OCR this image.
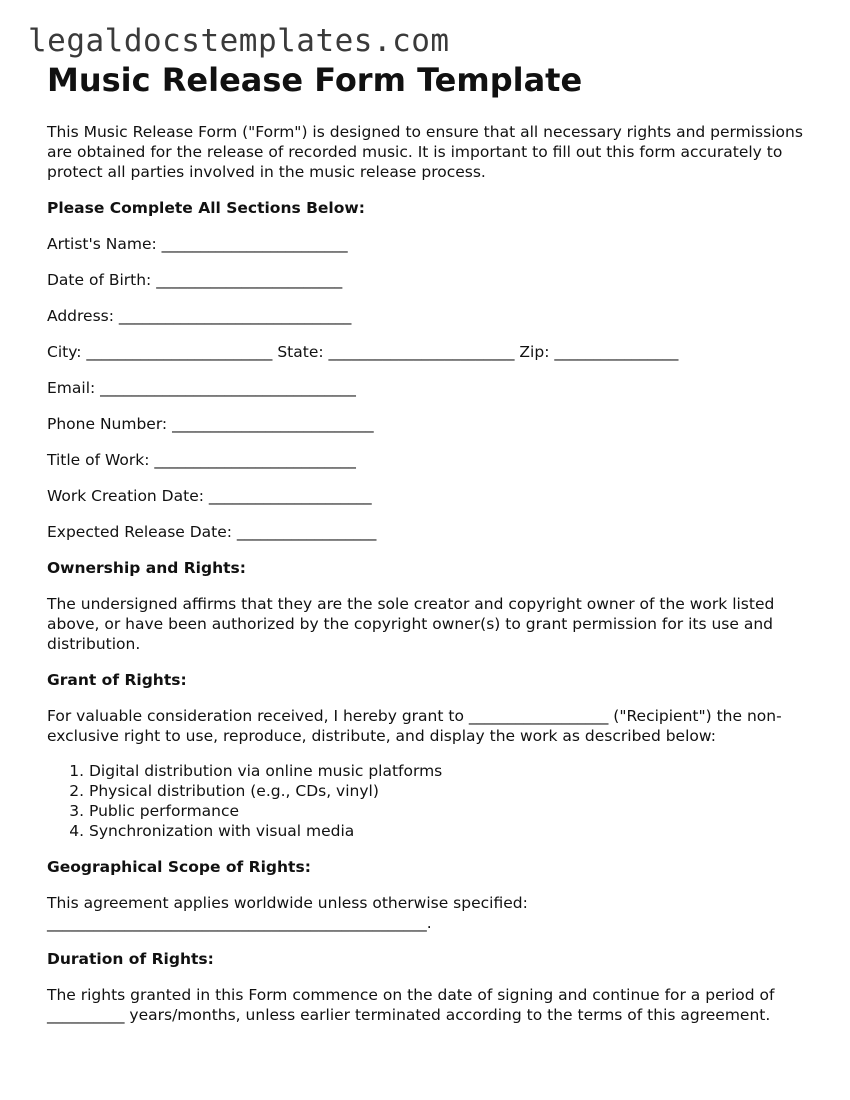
legaldocstemplates.com
Music Release Form Template

This Music Release Form ("Form") is designed to ensure that all necessary rights and permissions are obtained for the release of recorded music. It is important to fill out this form accurately to protect all parties involved in the music release process.

Please Complete All Sections Below:

Artist's Name: ________________________

Date of Birth: ________________________

Address: ______________________________

City: ________________________ State: ________________________ Zip: ________________

Email: _________________________________

Phone Number: __________________________

Title of Work: __________________________

Work Creation Date: _____________________

Expected Release Date: __________________

Ownership and Rights:

The undersigned affirms that they are the sole creator and copyright owner of the work listed above, or have been authorized by the copyright owner(s) to grant permission for its use and distribution.

Grant of Rights:

For valuable consideration received, I hereby grant to __________________ ("Recipient") the non-exclusive right to use, reproduce, distribute, and display the work as described below:

1. Digital distribution via online music platforms
2. Physical distribution (e.g., CDs, vinyl)
3. Public performance
4. Synchronization with visual media

Geographical Scope of Rights:

This agreement applies worldwide unless otherwise specified:
_________________________________________________.

Duration of Rights:

The rights granted in this Form commence on the date of signing and continue for a period of __________ years/months, unless earlier terminated according to the terms of this agreement.
